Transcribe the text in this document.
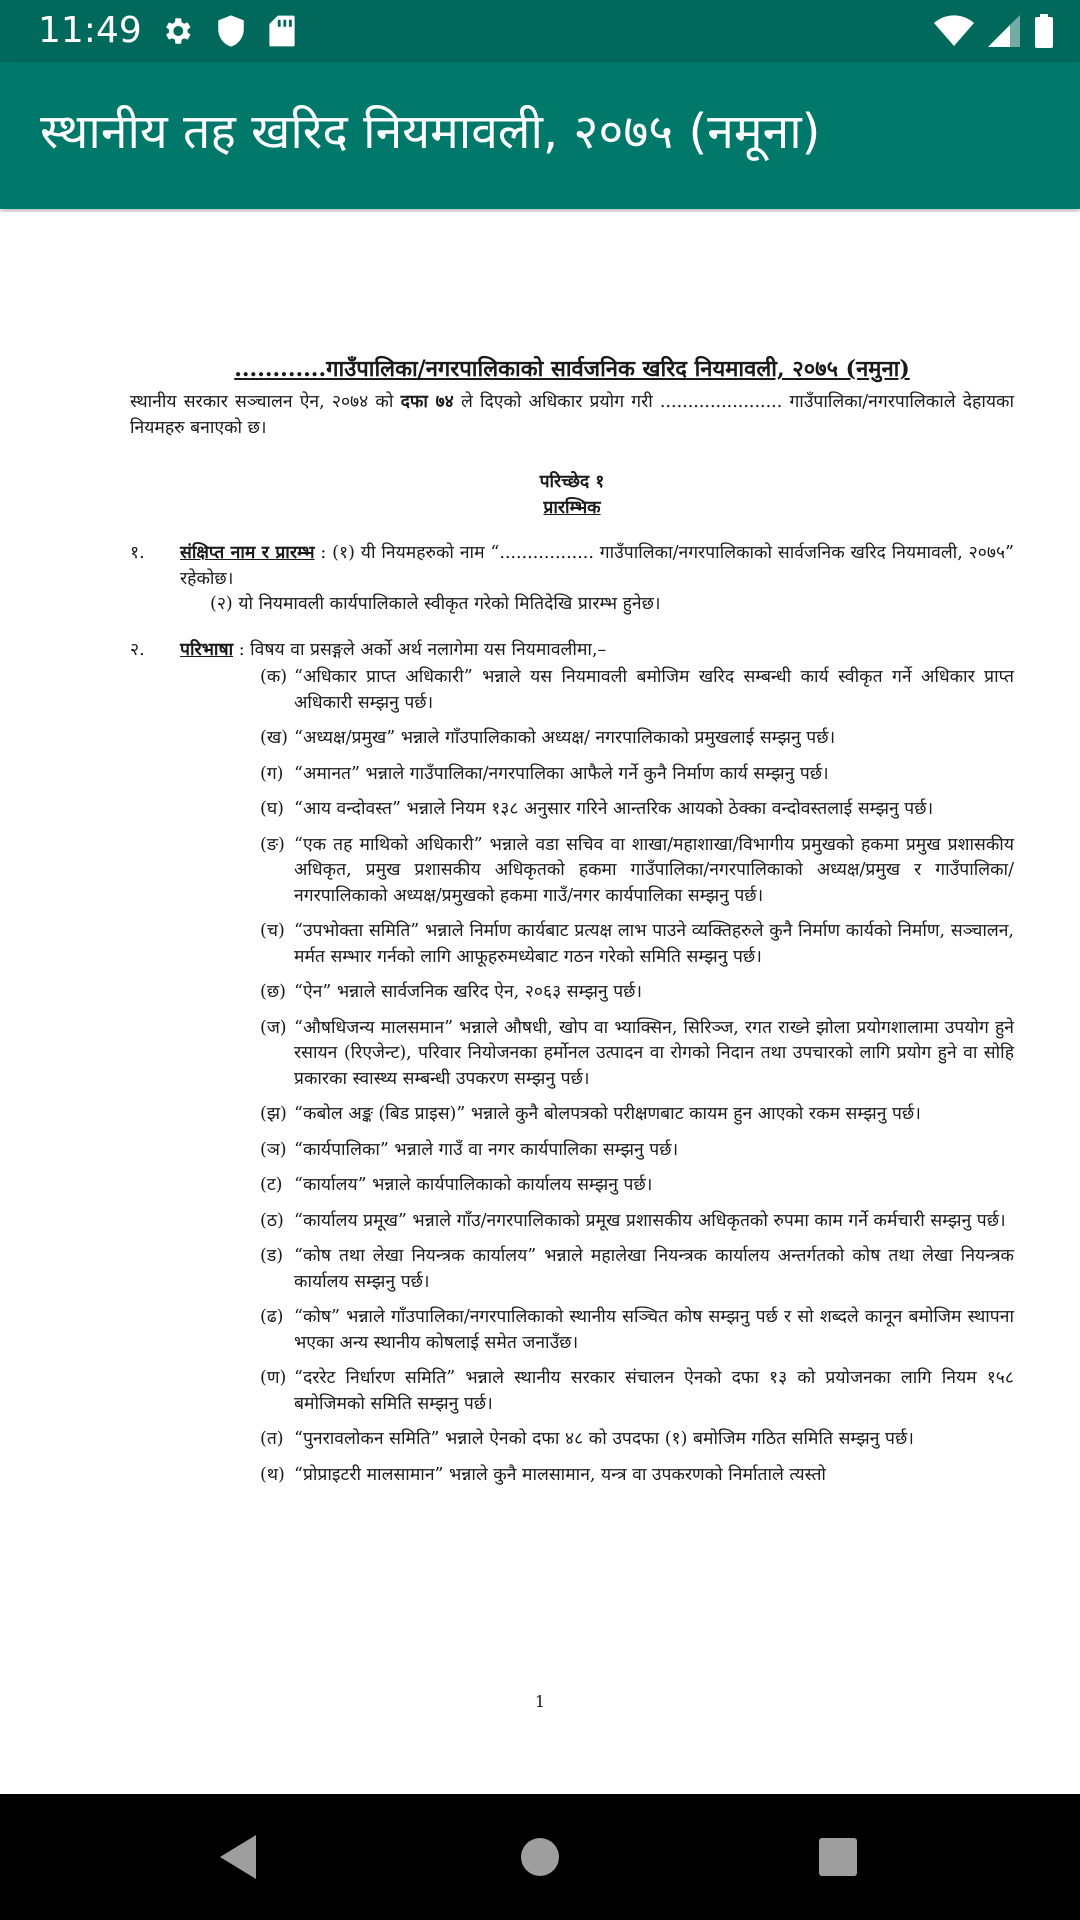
11:49
स्थानीय तह खरिद नियमावली, २०७५ (नमूना)
............गाउँपालिका/नगरपालिकाको सार्वजनिक खरिद नियमावली, २०७५ (नमुना)

स्थानीय सरकार सञ्चालन ऐन, २०७४ को दफा ७४ ले दिएको अधिकार प्रयोग गरी ...................... गाउँपालिका/नगरपालिकाले देहायका नियमहरु बनाएको छ।

परिच्छेद १
प्रारम्भिक
१.	संक्षिप्त नाम र प्रारम्भ : (१) यी नियमहरुको नाम “................. गाउँपालिका/नगरपालिकाको सार्वजनिक खरिद नियमावली, २०७५” रहेकोछ।
(२) यो नियमावली कार्यपालिकाले स्वीकृत गरेको मितिदेखि प्रारम्भ हुनेछ।
२.	परिभाषा : विषय वा प्रसङ्गले अर्को अर्थ नलागेमा यस नियमावलीमा,–
(क) “अधिकार प्राप्त अधिकारी” भन्नाले यस नियमावली बमोजिम खरिद सम्बन्धी कार्य स्वीकृत गर्ने अधिकार प्राप्त अधिकारी सम्झनु पर्छ।
(ख) “अध्यक्ष/प्रमुख” भन्नाले गाँउपालिकाको अध्यक्ष/ नगरपालिकाको प्रमुखलाई सम्झनु पर्छ।
(ग) “अमानत” भन्नाले गाउँपालिका/नगरपालिका आफैले गर्ने कुनै निर्माण कार्य सम्झनु पर्छ।
(घ) “आय वन्दोवस्त” भन्नाले नियम १३८ अनुसार गरिने आन्तरिक आयको ठेक्का वन्दोवस्तलाई सम्झनु पर्छ।
(ङ) “एक तह माथिको अधिकारी” भन्नाले वडा सचिव वा शाखा/महाशाखा/विभागीय प्रमुखको हकमा प्रमुख प्रशासकीय अधिकृत, प्रमुख प्रशासकीय अधिकृतको हकमा गाउँपालिका/नगरपालिकाको अध्यक्ष/प्रमुख र गाउँपालिका/नगरपालिकाको अध्यक्ष/प्रमुखको हकमा गाउँ/नगर कार्यपालिका सम्झनु पर्छ।
(च) “उपभोक्ता समिति” भन्नाले निर्माण कार्यबाट प्रत्यक्ष लाभ पाउने व्यक्तिहरुले कुनै निर्माण कार्यको निर्माण, सञ्चालन, मर्मत सम्भार गर्नको लागि आफूहरुमध्येबाट गठन गरेको समिति सम्झनु पर्छ।
(छ) “ऐन” भन्नाले सार्वजनिक खरिद ऐन, २०६३ सम्झनु पर्छ।
(ज) “औषधिजन्य मालसमान” भन्नाले औषधी, खोप वा भ्याक्सिन, सिरिञ्ज, रगत राख्ने झोला प्रयोगशालामा उपयोग हुने रसायन (रिएजेन्ट), परिवार नियोजनका हर्मोनल उत्पादन वा रोगको निदान तथा उपचारको लागि प्रयोग हुने वा सोहि प्रकारका स्वास्थ्य सम्बन्धी उपकरण सम्झनु पर्छ।
(झ) “कबोल अङ्क (बिड प्राइस)” भन्नाले कुनै बोलपत्रको परीक्षणबाट कायम हुन आएको रकम सम्झनु पर्छ।
(ञ) “कार्यपालिका” भन्नाले गाउँ वा नगर कार्यपालिका सम्झनु पर्छ।
(ट) “कार्यालय” भन्नाले कार्यपालिकाको कार्यालय सम्झनु पर्छ।
(ठ) “कार्यालय प्रमूख” भन्नाले गाँउ/नगरपालिकाको प्रमूख प्रशासकीय अधिकृतको रुपमा काम गर्ने कर्मचारी सम्झनु पर्छ।
(ड) “कोष तथा लेखा नियन्त्रक कार्यालय” भन्नाले महालेखा नियन्त्रक कार्यालय अन्तर्गतको कोष तथा लेखा नियन्त्रक कार्यालय सम्झनु पर्छ।
(ढ) “कोष” भन्नाले गाँउपालिका/नगरपालिकाको स्थानीय सञ्चित कोष सम्झनु पर्छ र सो शब्दले कानून बमोजिम स्थापना भएका अन्य स्थानीय कोषलाई समेत जनाउँछ।
(ण) “दररेट निर्धारण समिति” भन्नाले स्थानीय सरकार संचालन ऐनको दफा १३ को प्रयोजनका लागि नियम १५८ बमोजिमको समिति सम्झनु पर्छ।
(त) “पुनरावलोकन समिति” भन्नाले ऐनको दफा ४८ को उपदफा (१) बमोजिम गठित समिति सम्झनु पर्छ।
(थ) “प्रोप्राइटरी मालसामान” भन्नाले कुनै मालसामान, यन्त्र वा उपकरणको निर्माताले त्यस्तो
1
